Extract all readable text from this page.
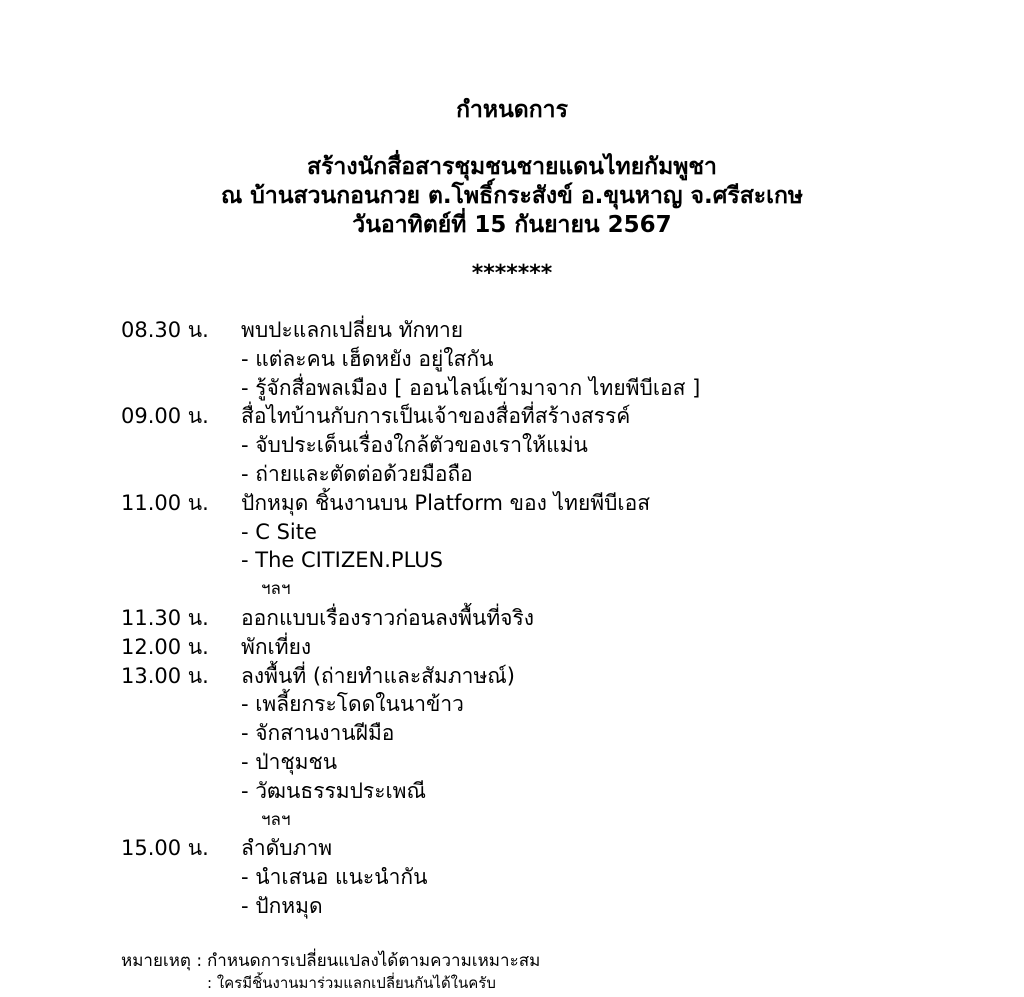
กำหนดการ
สร้างนักสื่อสารชุมชนชายแดนไทยกัมพูชา
ณ บ้านสวนกอนกวย ต.โพธิ์กระสังข์ อ.ขุนหาญ จ.ศรีสะเกษ
วันอาทิตย์ที่ 15 กันยายน 2567
*******
08.30 น.	พบปะแลกเปลี่ยน ทักทาย
- แต่ละคน เฮ็ดหยัง อยู่ใสกัน
- รู้จักสื่อพลเมือง [ ออนไลน์เข้ามาจาก ไทยพีบีเอส ]
09.00 น.	สื่อไทบ้านกับการเป็นเจ้าของสื่อที่สร้างสรรค์
- จับประเด็นเรื่องใกล้ตัวของเราให้แม่น
- ถ่ายและตัดต่อด้วยมือถือ
11.00 น.	ปักหมุด ชิ้นงานบน Platform ของ ไทยพีบีเอส
- C Site
- The CITIZEN.PLUS
ฯลฯ
11.30 น.	ออกแบบเรื่องราวก่อนลงพื้นที่จริง
12.00 น.	พักเที่ยง
13.00 น.	ลงพื้นที่ (ถ่ายทำและสัมภาษณ์)
- เพลี้ยกระโดดในนาข้าว
- จักสานงานฝีมือ
- ป่าชุมชน
- วัฒนธรรมประเพณี
ฯลฯ
15.00 น.	ลำดับภาพ
- นำเสนอ แนะนำกัน
- ปักหมุด
หมายเหตุ : กำหนดการเปลี่ยนแปลงได้ตามความเหมาะสม
: ใครมีชิ้นงานมาร่วมแลกเปลี่ยนกันได้ในครับ
